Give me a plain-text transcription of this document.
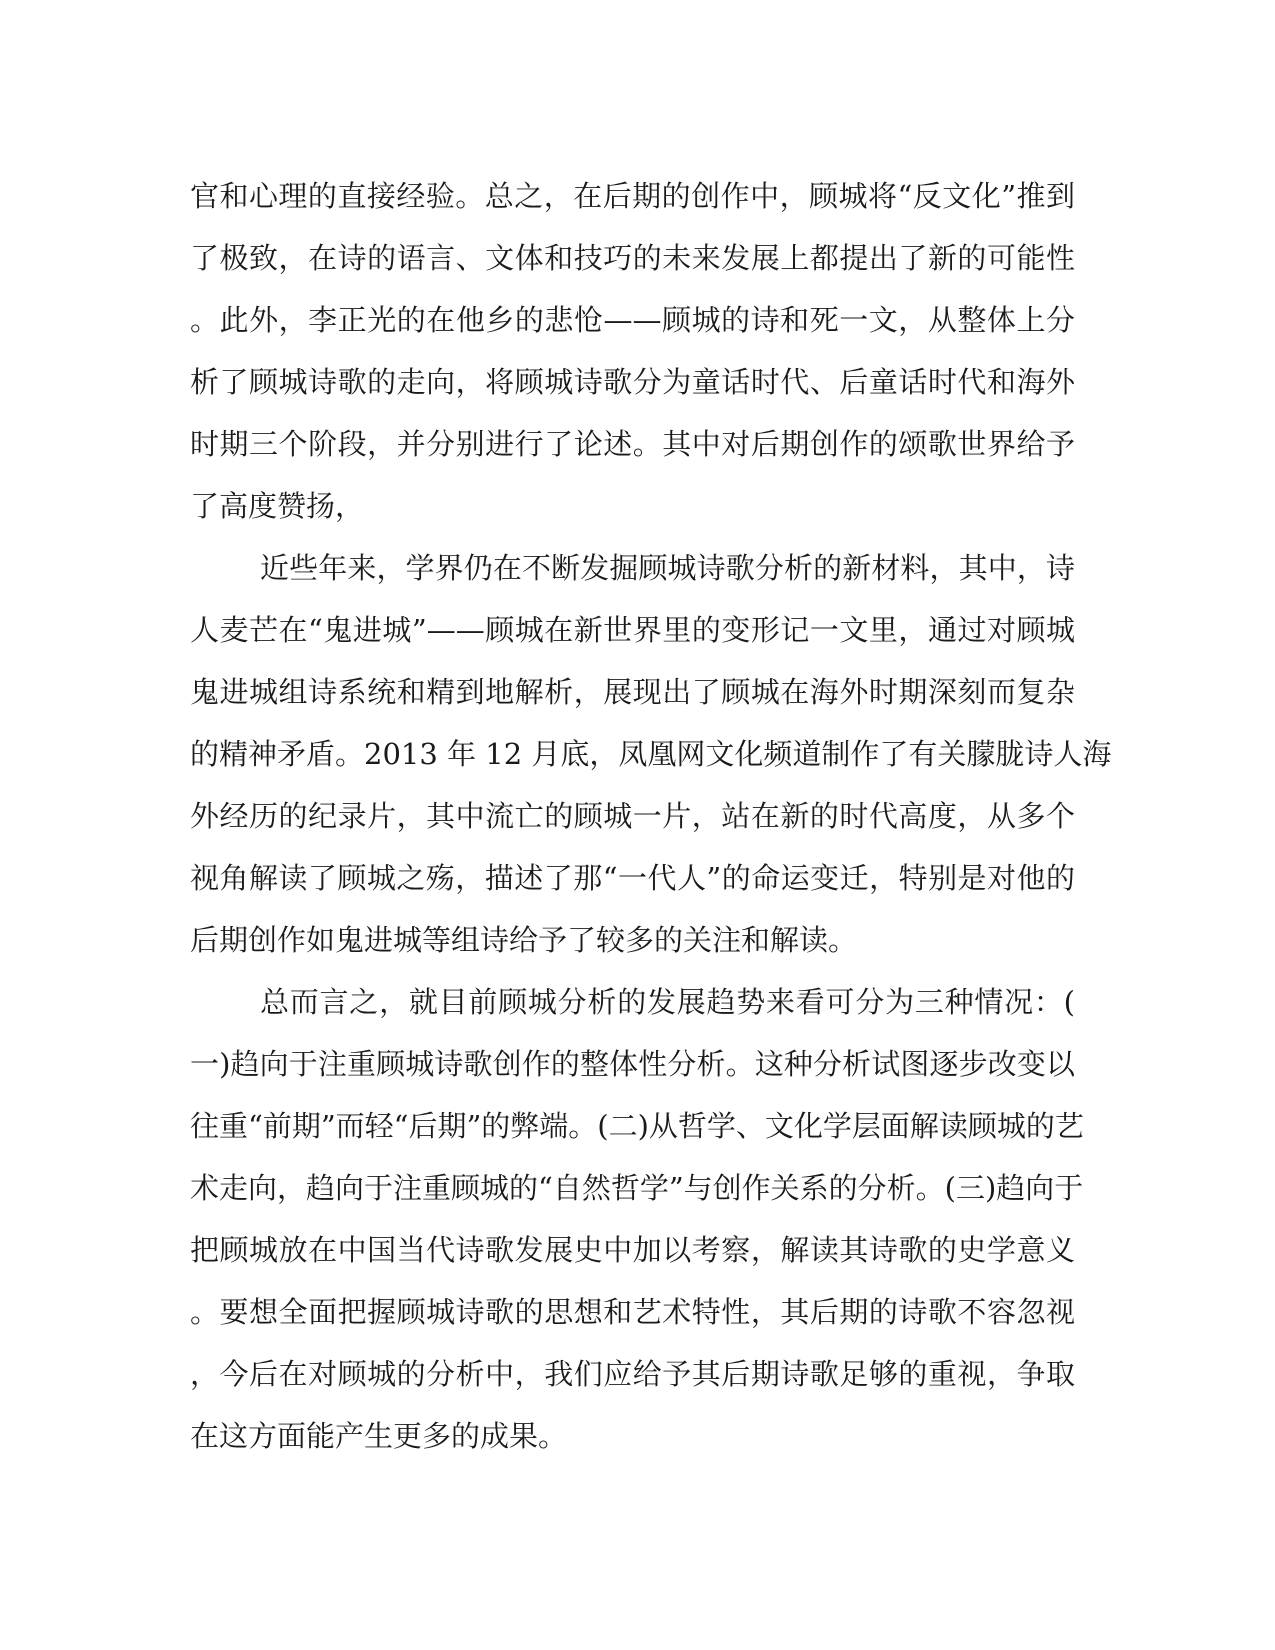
官和心理的直接经验。总之，在后期的创作中，顾城将“反文化”推到
了极致，在诗的语言、文体和技巧的未来发展上都提出了新的可能性
。此外，李正光的在他乡的悲怆——顾城的诗和死一文，从整体上分
析了顾城诗歌的走向，将顾城诗歌分为童话时代、后童话时代和海外
时期三个阶段，并分别进行了论述。其中对后期创作的颂歌世界给予
了高度赞扬，
近些年来，学界仍在不断发掘顾城诗歌分析的新材料，其中，诗
人麦芒在“鬼进城”——顾城在新世界里的变形记一文里，通过对顾城
鬼进城组诗系统和精到地解析，展现出了顾城在海外时期深刻而复杂
的精神矛盾。2013 年 12 月底，凤凰网文化频道制作了有关朦胧诗人海
外经历的纪录片，其中流亡的顾城一片，站在新的时代高度，从多个
视角解读了顾城之殇，描述了那“一代人”的命运变迁，特别是对他的
后期创作如鬼进城等组诗给予了较多的关注和解读。
总而言之，就目前顾城分析的发展趋势来看可分为三种情况：(
一)趋向于注重顾城诗歌创作的整体性分析。这种分析试图逐步改变以
往重“前期”而轻“后期”的弊端。(二)从哲学、文化学层面解读顾城的艺
术走向，趋向于注重顾城的“自然哲学”与创作关系的分析。(三)趋向于
把顾城放在中国当代诗歌发展史中加以考察，解读其诗歌的史学意义
。要想全面把握顾城诗歌的思想和艺术特性，其后期的诗歌不容忽视
，今后在对顾城的分析中，我们应给予其后期诗歌足够的重视，争取
在这方面能产生更多的成果。
